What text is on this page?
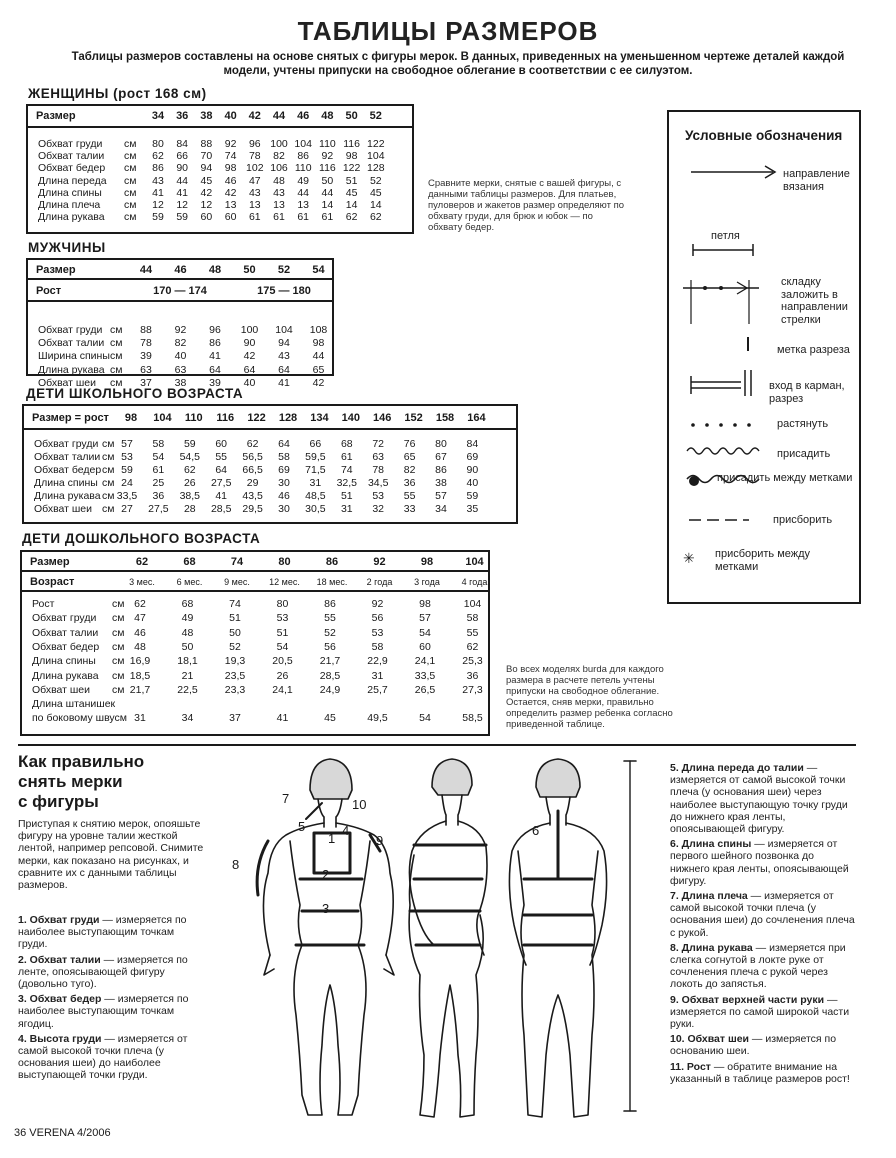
ТАБЛИЦЫ РАЗМЕРОВ
Таблицы размеров составлены на основе снятых с фигуры мерок. В данных, приведенных на уменьшенном чертеже деталей каждой модели, учтены припуски на свободное облегание в соответствии с ее силуэтом.
ЖЕНЩИНЫ (рост 168 см)
Размер	34 36 38 40 42 44 46 48 50 52
Обхват груди см 80 84 88 92 96 100 104 110 116 122
Обхват талии см 62 66 70 74 78 82 86 92 98 104
Обхват бедер см 86 90 94 98 102 106 110 116 122 128
Длина переда см 43 44 45 46 47 48 49 50 51 52
Длина спины см 41 41 42 42 43 43 44 44 45 45
Длина плеча см 12 12 12 13 13 13 13 14 14 14
Длина рукава см 59 59 60 60 61 61 61 61 62 62
Сравните мерки, снятые с вашей фигуры, с данными таблицы размеров. Для платьев, пуловеров и жакетов размер определяют по обхвату груди, для брюк и юбок — по обхвату бедер.
МУЖЧИНЫ
Размер	44 46 48 50 52 54
Рост	170 — 174	175 — 180
Обхват груди см 88 92 96 100 104 108
Обхват талии см 78 82 86 90 94 98
Ширина спины см 39 40 41 42 43 44
Длина рукава см 63 63 64 64 64 65
Обхват шеи см 37 38 39 40 41 42
ДЕТИ ШКОЛЬНОГО ВОЗРАСТА
Размер = рост 98 104 110 116 122 128 134 140 146 152 158 164
Обхват груди см 57 58 59 60 62 64 66 68 72 76 80 84
Обхват талии см 53 54 54,5 55 56,5 58 59,5 61 63 65 67 69
Обхват бедер см 59 61 62 64 66,5 69 71,5 74 78 82 86 90
Длина спины см 24 25 26 27,5 29 30 31 32,5 34,5 36 38 40
Длина рукава см 33,5 36 38,5 41 43,5 46 48,5 51 53 55 57 59
Обхват шеи см 27 27,5 28 28,5 29,5 30 30,5 31 32 33 34 35
ДЕТИ ДОШКОЛЬНОГО ВОЗРАСТА
Размер	62	68	74	80	86	92	98	104
Возраст	3 мес. 6 мес. 9 мес. 12 мес. 18 мес. 2 года 3 года 4 года
Рост	см 62	68	74	80	86	92	98	104
Обхват груди см 47	49	51	53	55	56	57	58
Обхват талии см 46	48	50	51	52	53	54	55
Обхват бедер см 48	50	52	54	56	58	60	62
Длина спины см 16,9	18,1	19,3	20,5	21,7	22,9	24,1	25,3
Длина рукава см 18,5	21	23,5	26	28,5	31	33,5	36
Обхват шеи см 21,7	22,5	23,3	24,1	24,9	25,7	26,5	27,3
Длина штанишек
по боковому швусм 31	34	37	41	45	49,5	54	58,5
Во всех моделях burda для каждого размера в расчете петель учтены припуски на свободное облегание. Остается, сняв мерки, правильно определить размер ребенка согласно приведенной таблице.
Условные обозначения
направление вязания
петля
складку заложить в направлении стрелки
метка разреза
вход в карман, разрез
растянуть
присадить
присадить между метками
присборить
✳ присборить между метками
Как правильно
снять мерки
с фигуры
Приступая к снятию мерок, опояшьте фигуру на уровне талии жесткой лентой, например репсовой. Снимите мерки, как показано на рисунках, и сравните их с данными таблицы размеров.

1. Обхват груди — измеряется по наиболее выступающим точкам груди.

2. Обхват талии — измеряется по ленте, опоясывающей фигуру (довольно туго).

3. Обхват бедер — измеряется по наиболее выступающим точкам ягодиц.

4. Высота груди — измеряется от самой высокой точки плеча (у основания шеи) до наиболее выступающей точки груди.

5. Длина переда до талии — измеряется от самой высокой точки плеча (у основания шеи) через наиболее выступающую точку груди до нижнего края ленты, опоясывающей фигуру.

6. Длина спины — измеряется от первого шейного позвонка до нижнего края ленты, опоясывающей фигуру.

7. Длина плеча — измеряется от самой высокой точки плеча (у основания шеи) до сочленения плеча с рукой.

8. Длина рукава — измеряется при слегка согнутой в локте руке от сочленения плеча с рукой через локоть до запястья.

9. Обхват верхней части руки — измеряется по самой широкой части руки.

10. Обхват шеи — измеряется по основанию шеи.

11. Рост — обратите внимание на указанный в таблице размеров рост!

1
2
3
4
5	6
7
8
9
10
36 VERENA 4/2006
